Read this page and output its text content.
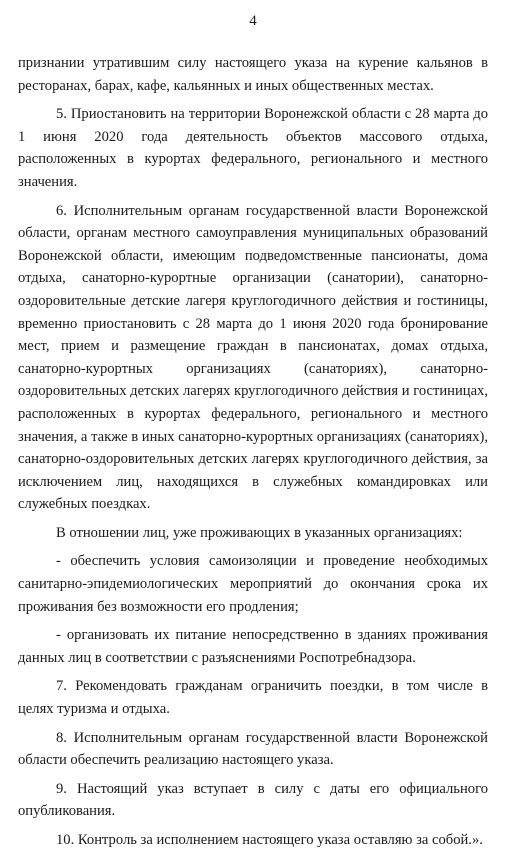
4

признании утратившим силу настоящего указа на курение кальянов в ресторанах, барах, кафе, кальянных и иных общественных местах.

5. Приостановить на территории Воронежской области с 28 марта до 1 июня 2020 года деятельность объектов массового отдыха, расположенных в курортах федерального, регионального и местного значения.

6. Исполнительным органам государственной власти Воронежской области, органам местного самоуправления муниципальных образований Воронежской области, имеющим подведомственные пансионаты, дома отдыха, санаторно-курортные организации (санатории), санаторно-оздоровительные детские лагеря круглогодичного действия и гостиницы, временно приостановить с 28 марта до 1 июня 2020 года бронирование мест, прием и размещение граждан в пансионатах, домах отдыха, санаторно-курортных организациях (санаториях), санаторно-оздоровительных детских лагерях круглогодичного действия и гостиницах, расположенных в курортах федерального, регионального и местного значения, а также в иных санаторно-курортных организациях (санаториях), санаторно-оздоровительных детских лагерях круглогодичного действия, за исключением лиц, находящихся в служебных командировках или служебных поездках.

В отношении лиц, уже проживающих в указанных организациях:

- обеспечить условия самоизоляции и проведение необходимых санитарно-эпидемиологических мероприятий до окончания срока их проживания без возможности его продления;

- организовать их питание непосредственно в зданиях проживания данных лиц в соответствии с разъяснениями Роспотребнадзора.

7. Рекомендовать гражданам ограничить поездки, в том числе в целях туризма и отдыха.

8. Исполнительным органам государственной власти Воронежской области обеспечить реализацию настоящего указа.

9. Настоящий указ вступает в силу с даты его официального опубликования.

10. Контроль за исполнением настоящего указа оставляю за собой.».
